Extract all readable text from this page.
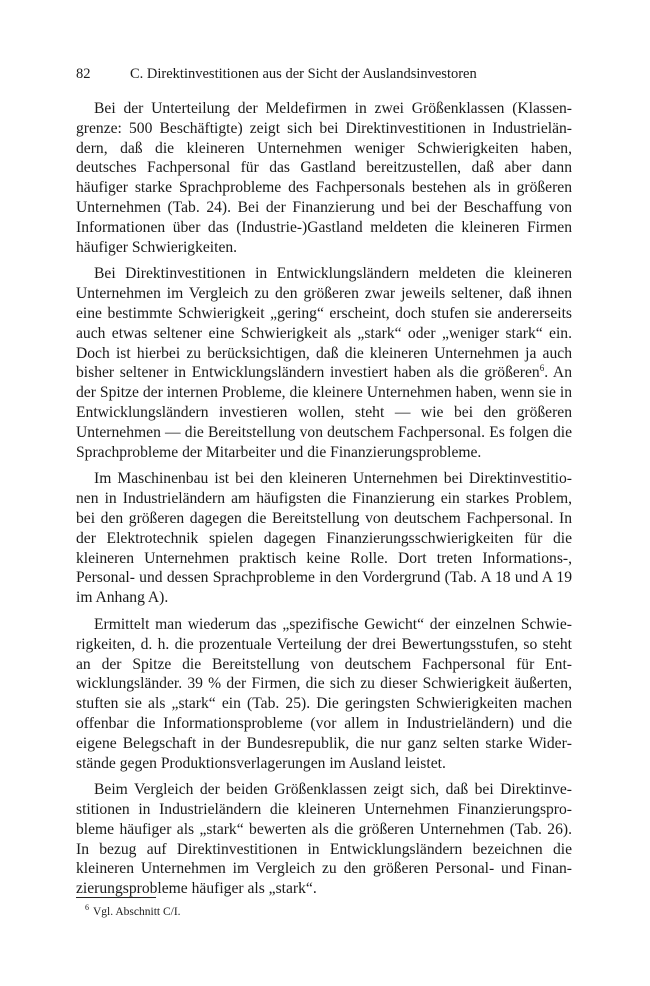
82	C. Direktinvestitionen aus der Sicht der Auslandsinvestoren

Bei der Unterteilung der Meldefirmen in zwei Größenklassen (Klassengrenze: 500 Beschäftigte) zeigt sich bei Direktinvestitionen in Industrieländern, daß die kleineren Unternehmen weniger Schwierigkeiten haben, deutsches Fachpersonal für das Gastland bereitzustellen, daß aber dann häufiger starke Sprachprobleme des Fachpersonals bestehen als in größeren Unternehmen (Tab. 24). Bei der Finanzierung und bei der Beschaffung von Informationen über das (Industrie-)Gastland meldeten die kleineren Firmen häufiger Schwierigkeiten.

Bei Direktinvestitionen in Entwicklungsländern meldeten die kleineren Unternehmen im Vergleich zu den größeren zwar jeweils seltener, daß ihnen eine bestimmte Schwierigkeit „gering“ erscheint, doch stufen sie andererseits auch etwas seltener eine Schwierigkeit als „stark“ oder „weniger stark“ ein. Doch ist hierbei zu berücksichtigen, daß die kleineren Unternehmen ja auch bisher seltener in Entwicklungsländern investiert haben als die größeren$^6$. An der Spitze der internen Probleme, die kleinere Unternehmen haben, wenn sie in Entwicklungsländern investieren wollen, steht — wie bei den größeren Unternehmen — die Bereitstellung von deutschem Fachpersonal. Es folgen die Sprachprobleme der Mitarbeiter und die Finanzierungsprobleme.

Im Maschinenbau ist bei den kleineren Unternehmen bei Direktinvestitionen in Industrieländern am häufigsten die Finanzierung ein starkes Problem, bei den größeren dagegen die Bereitstellung von deutschem Fachpersonal. In der Elektrotechnik spielen dagegen Finanzierungsschwierigkeiten für die kleineren Unternehmen praktisch keine Rolle. Dort treten Informations-, Personal- und dessen Sprachprobleme in den Vordergrund (Tab. A 18 und A 19 im Anhang A).

Ermittelt man wiederum das „spezifische Gewicht“ der einzelnen Schwierigkeiten, d. h. die prozentuale Verteilung der drei Bewertungsstufen, so steht an der Spitze die Bereitstellung von deutschem Fachpersonal für Entwicklungsländer. 39 % der Firmen, die sich zu dieser Schwierigkeit äußerten, stuften sie als „stark“ ein (Tab. 25). Die geringsten Schwierigkeiten machen offenbar die Informationsprobleme (vor allem in Industrieländern) und die eigene Belegschaft in der Bundesrepublik, die nur ganz selten starke Widerstände gegen Produktionsverlagerungen im Ausland leistet.

Beim Vergleich der beiden Größenklassen zeigt sich, daß bei Direktinvestitionen in Industrieländern die kleineren Unternehmen Finanzierungsprobleme häufiger als „stark“ bewerten als die größeren Unternehmen (Tab. 26). In bezug auf Direktinvestitionen in Entwicklungsländern bezeichnen die kleineren Unternehmen im Vergleich zu den größeren Personal- und Finanzierungsprobleme häufiger als „stark“.

$^6$ Vgl. Abschnitt C/I.
